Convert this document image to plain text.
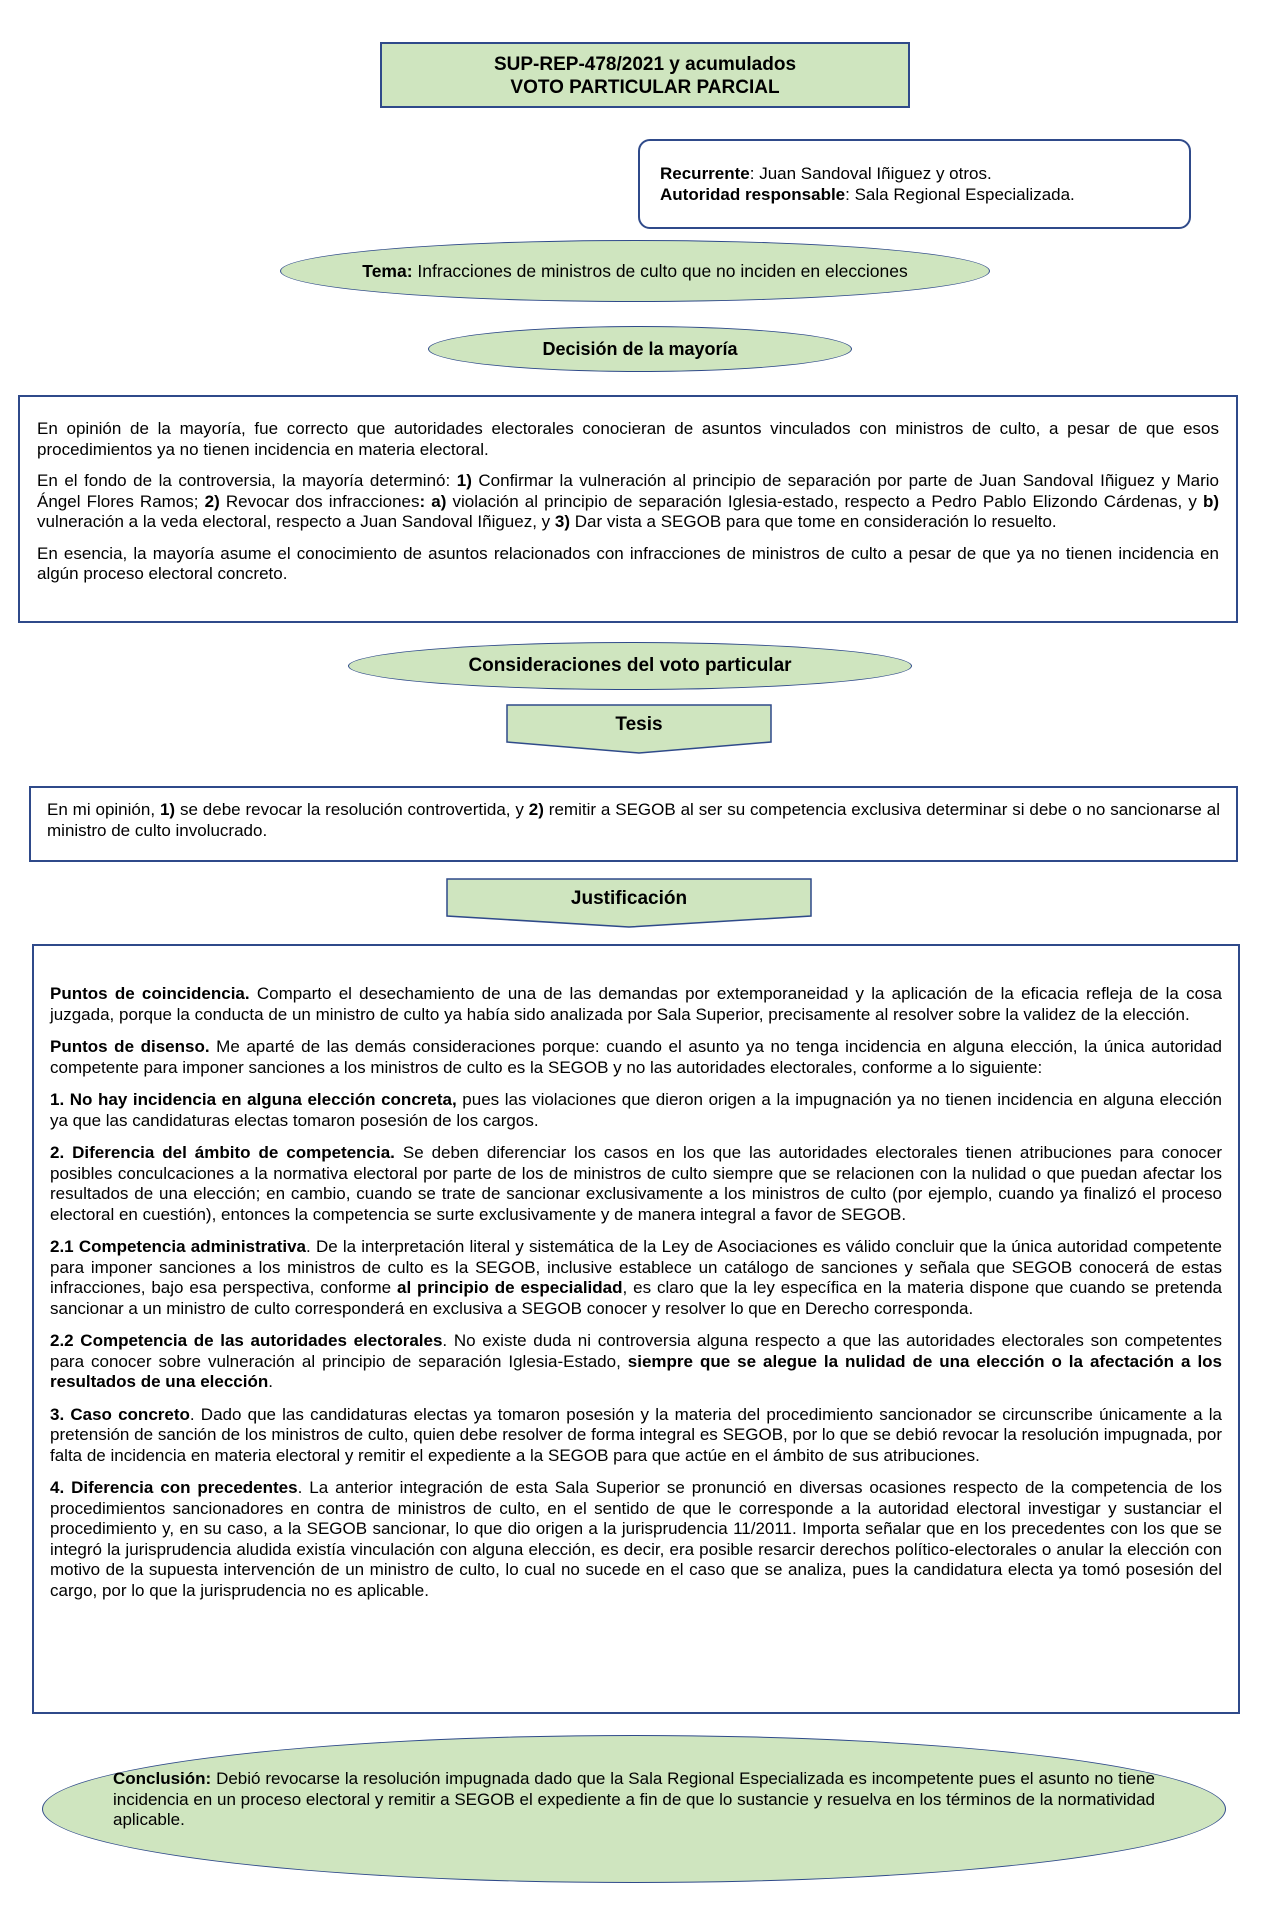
SUP-REP-478/2021 y acumulados
VOTO PARTICULAR PARCIAL
Recurrente: Juan Sandoval Iñiguez y otros.
Autoridad responsable: Sala Regional Especializada.
Tema: Infracciones de ministros de culto que no inciden en elecciones
Decisión de la mayoría

En opinión de la mayoría, fue correcto que autoridades electorales conocieran de asuntos vinculados con ministros de culto, a pesar de que esos procedimientos ya no tienen incidencia en materia electoral.

En el fondo de la controversia, la mayoría determinó: 1) Confirmar la vulneración al principio de separación por parte de Juan Sandoval Iñiguez y Mario Ángel Flores Ramos; 2) Revocar dos infracciones: a) violación al principio de separación Iglesia-estado, respecto a Pedro Pablo Elizondo Cárdenas, y b) vulneración a la veda electoral, respecto a Juan Sandoval Iñiguez, y 3) Dar vista a SEGOB para que tome en consideración lo resuelto.

En esencia, la mayoría asume el conocimiento de asuntos relacionados con infracciones de ministros de culto a pesar de que ya no tienen incidencia en algún proceso electoral concreto.

Consideraciones del voto particular
Tesis

En mi opinión, 1) se debe revocar la resolución controvertida, y 2) remitir a SEGOB al ser su competencia exclusiva determinar si debe o no sancionarse al ministro de culto involucrado.

Justificación

Puntos de coincidencia. Comparto el desechamiento de una de las demandas por extemporaneidad y la aplicación de la eficacia refleja de la cosa juzgada, porque la conducta de un ministro de culto ya había sido analizada por Sala Superior, precisamente al resolver sobre la validez de la elección.

Puntos de disenso. Me aparté de las demás consideraciones porque: cuando el asunto ya no tenga incidencia en alguna elección, la única autoridad competente para imponer sanciones a los ministros de culto es la SEGOB y no las autoridades electorales, conforme a lo siguiente:

1. No hay incidencia en alguna elección concreta, pues las violaciones que dieron origen a la impugnación ya no tienen incidencia en alguna elección ya que las candidaturas electas tomaron posesión de los cargos.

2. Diferencia del ámbito de competencia. Se deben diferenciar los casos en los que las autoridades electorales tienen atribuciones para conocer posibles conculcaciones a la normativa electoral por parte de los de ministros de culto siempre que se relacionen con la nulidad o que puedan afectar los resultados de una elección; en cambio, cuando se trate de sancionar exclusivamente a los ministros de culto (por ejemplo, cuando ya finalizó el proceso electoral en cuestión), entonces la competencia se surte exclusivamente y de manera integral a favor de SEGOB.

2.1 Competencia administrativa. De la interpretación literal y sistemática de la Ley de Asociaciones es válido concluir que la única autoridad competente para imponer sanciones a los ministros de culto es la SEGOB, inclusive establece un catálogo de sanciones y señala que SEGOB conocerá de estas infracciones, bajo esa perspectiva, conforme al principio de especialidad, es claro que la ley específica en la materia dispone que cuando se pretenda sancionar a un ministro de culto corresponderá en exclusiva a SEGOB conocer y resolver lo que en Derecho corresponda.

2.2 Competencia de las autoridades electorales. No existe duda ni controversia alguna respecto a que las autoridades electorales son competentes para conocer sobre vulneración al principio de separación Iglesia-Estado, siempre que se alegue la nulidad de una elección o la afectación a los resultados de una elección.

3. Caso concreto. Dado que las candidaturas electas ya tomaron posesión y la materia del procedimiento sancionador se circunscribe únicamente a la pretensión de sanción de los ministros de culto, quien debe resolver de forma integral es SEGOB, por lo que se debió revocar la resolución impugnada, por falta de incidencia en materia electoral y remitir el expediente a la SEGOB para que actúe en el ámbito de sus atribuciones.

4. Diferencia con precedentes. La anterior integración de esta Sala Superior se pronunció en diversas ocasiones respecto de la competencia de los procedimientos sancionadores en contra de ministros de culto, en el sentido de que le corresponde a la autoridad electoral investigar y sustanciar el procedimiento y, en su caso, a la SEGOB sancionar, lo que dio origen a la jurisprudencia 11/2011. Importa señalar que en los precedentes con los que se integró la jurisprudencia aludida existía vinculación con alguna elección, es decir, era posible resarcir derechos político-electorales o anular la elección con motivo de la supuesta intervención de un ministro de culto, lo cual no sucede en el caso que se analiza, pues la candidatura electa ya tomó posesión del cargo, por lo que la jurisprudencia no es aplicable.

Conclusión: Debió revocarse la resolución impugnada dado que la Sala Regional Especializada es incompetente pues el asunto no tiene incidencia en un proceso electoral y remitir a SEGOB el expediente a fin de que lo sustancie y resuelva en los términos de la normatividad aplicable.
